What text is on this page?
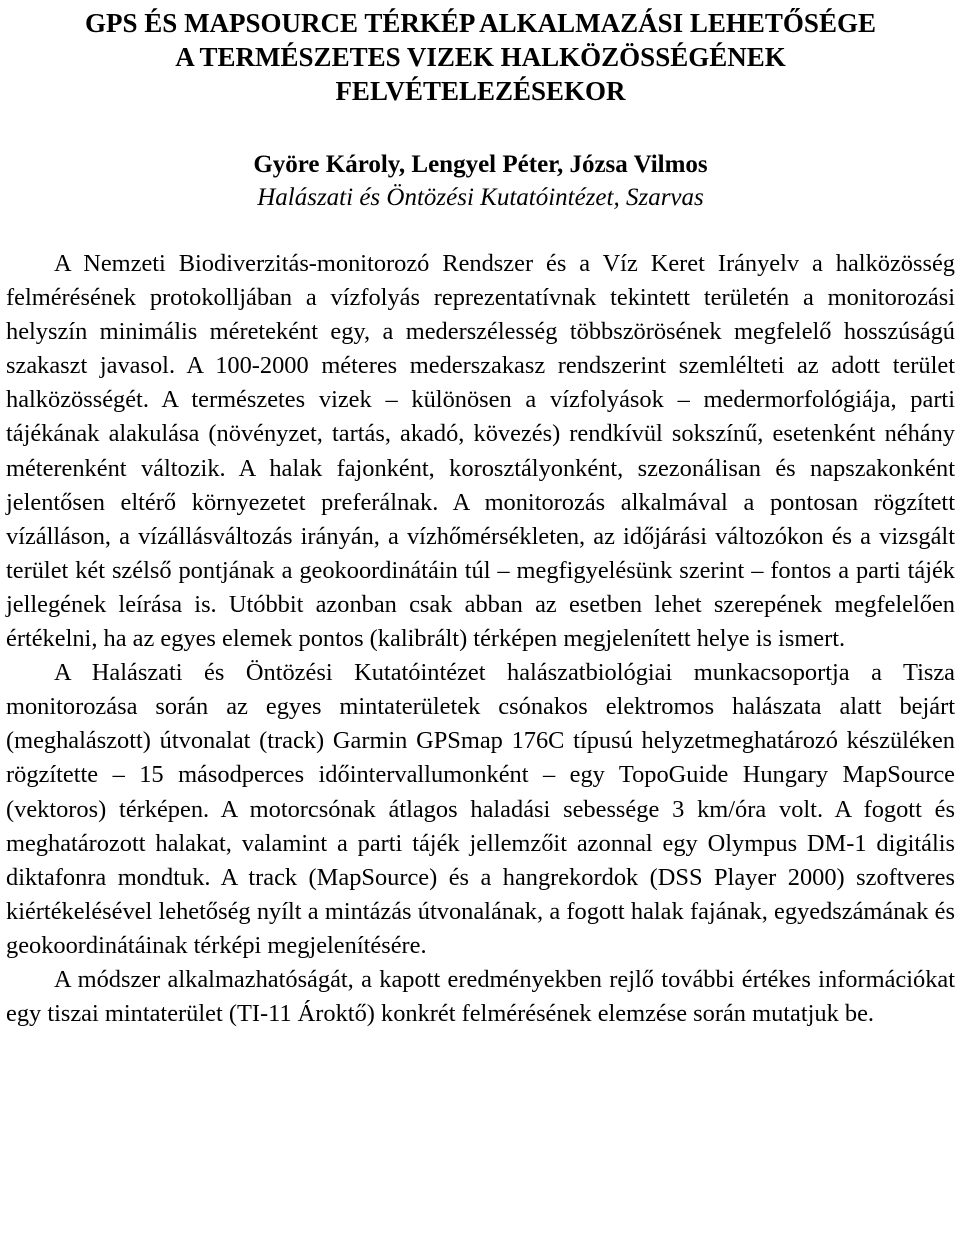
GPS ÉS MAPSOURCE TÉRKÉP ALKALMAZÁSI LEHETŐSÉGE
A TERMÉSZETES VIZEK HALKÖZÖSSÉGÉNEK
FELVÉTELEZÉSEKOR

Györe Károly, Lengyel Péter, Józsa Vilmos

Halászati és Öntözési Kutatóintézet, Szarvas

A Nemzeti Biodiverzitás-monitorozó Rendszer és a Víz Keret Irányelv a halközösség felmérésének protokolljában a vízfolyás reprezentatívnak tekintett területén a monitorozási helyszín minimális méreteként egy, a mederszélesség többszörösének megfelelő hosszúságú szakaszt javasol. A 100-2000 méteres mederszakasz rendszerint szemlélteti az adott terület halközösségét. A természetes vizek – különösen a vízfolyások – medermorfológiája, parti tájékának alakulása (növényzet, tartás, akadó, kövezés) rendkívül sokszínű, esetenként néhány méterenként változik. A halak fajonként, korosztályonként, szezonálisan és napszakonként jelentősen eltérő környezetet preferálnak. A monitorozás alkalmával a pontosan rögzített vízálláson, a vízállásváltozás irányán, a vízhőmérsékleten, az időjárási változókon és a vizsgált terület két szélső pontjának a geokoordinátáin túl – megfigyelésünk szerint – fontos a parti tájék jellegének leírása is. Utóbbit azonban csak abban az esetben lehet szerepének megfelelően értékelni, ha az egyes elemek pontos (kalibrált) térképen megjelenített helye is ismert.

A Halászati és Öntözési Kutatóintézet halászatbiológiai munkacsoportja a Tisza monitorozása során az egyes mintaterületek csónakos elektromos halászata alatt bejárt (meghalászott) útvonalat (track) Garmin GPSmap 176C típusú helyzetmeghatározó készüléken rögzítette – 15 másodperces időintervallumonként – egy TopoGuide Hungary MapSource (vektoros) térképen. A motorcsónak átlagos haladási sebessége 3 km/óra volt. A fogott és meghatározott halakat, valamint a parti tájék jellemzőit azonnal egy Olympus DM-1 digitális diktafonra mondtuk. A track (MapSource) és a hangrekordok (DSS Player 2000) szoftveres kiértékelésével lehetőség nyílt a mintázás útvonalának, a fogott halak fajának, egyedszámának és geokoordinátáinak térképi megjelenítésére.

A módszer alkalmazhatóságát, a kapott eredményekben rejlő további értékes információkat egy tiszai mintaterület (TI-11 Ároktő) konkrét felmérésének elemzése során mutatjuk be.
